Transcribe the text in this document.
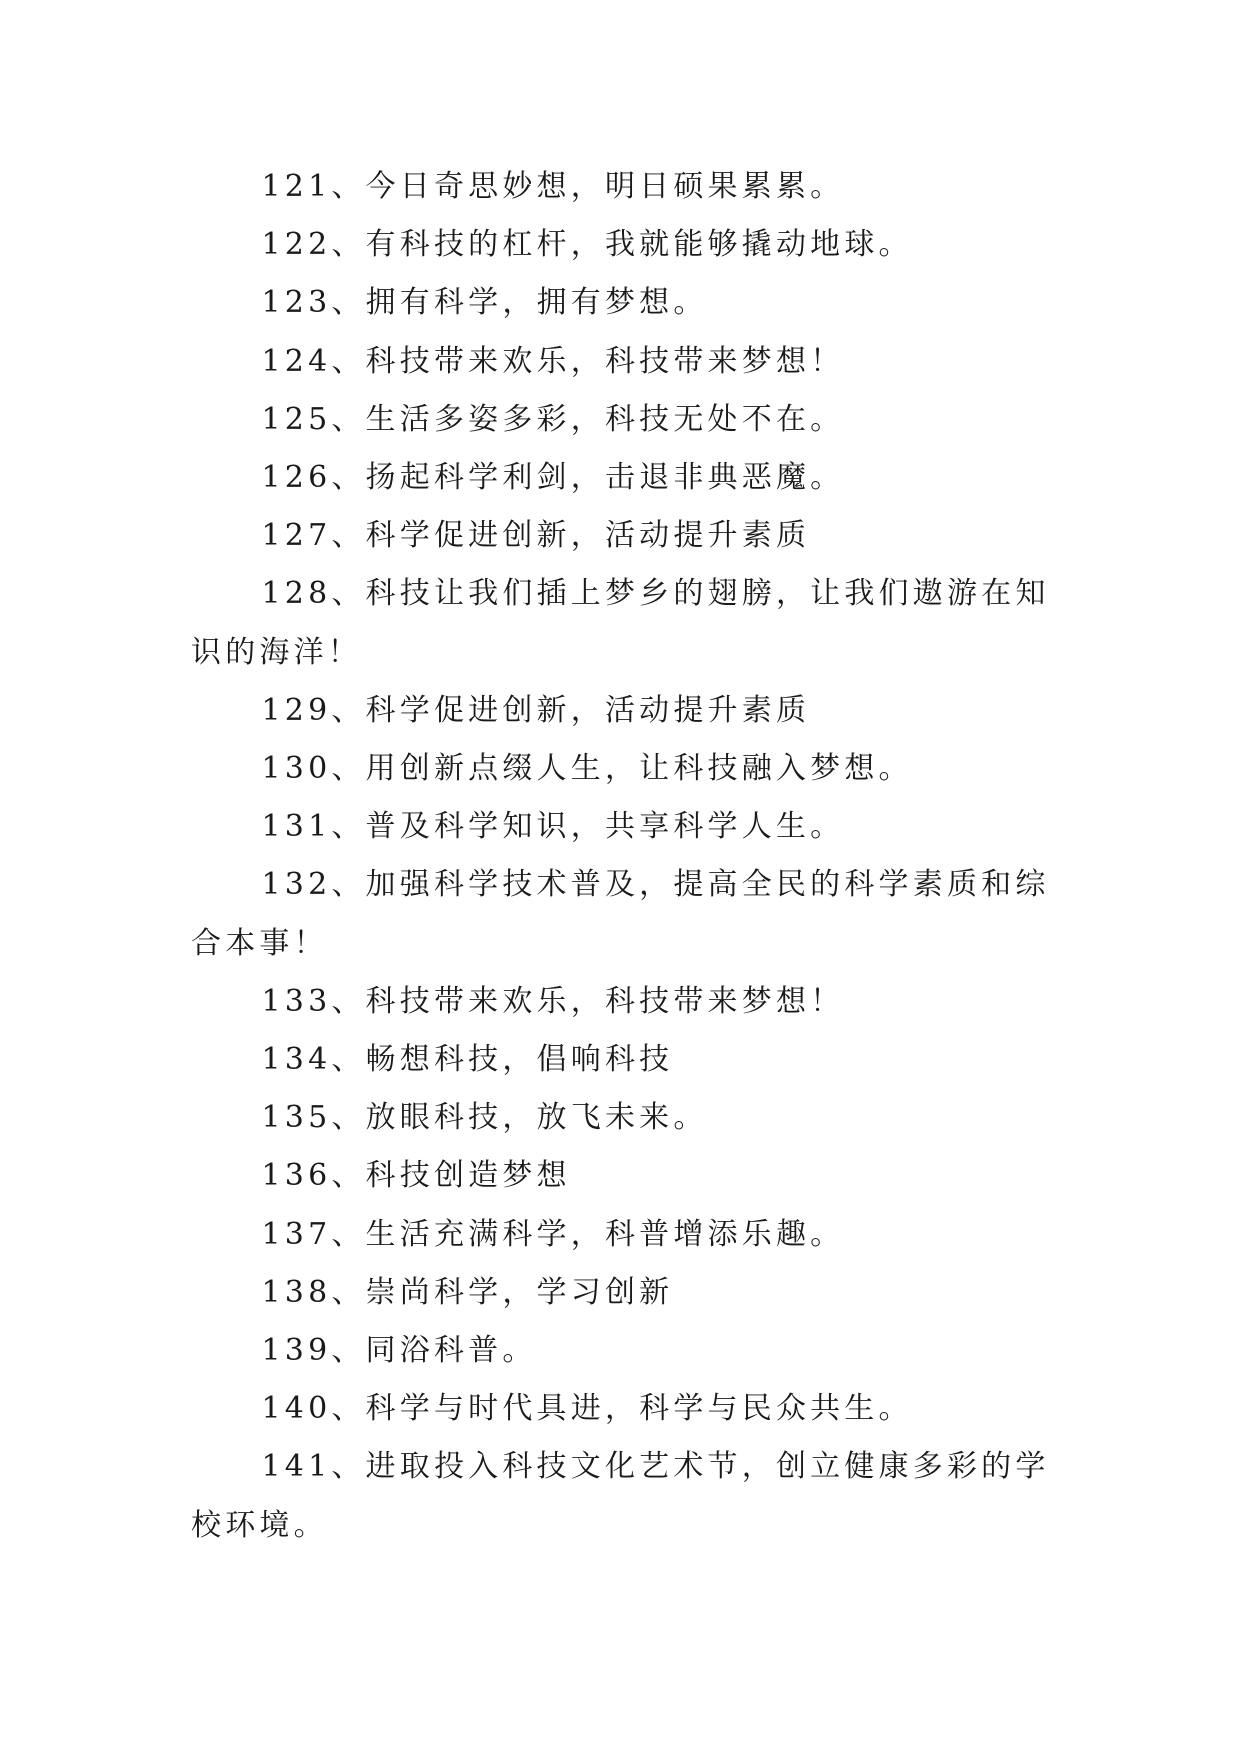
121、今日奇思妙想，明日硕果累累。

122、有科技的杠杆，我就能够撬动地球。

123、拥有科学，拥有梦想。

124、科技带来欢乐，科技带来梦想！

125、生活多姿多彩，科技无处不在。

126、扬起科学利剑，击退非典恶魔。

127、科学促进创新，活动提升素质

128、科技让我们插上梦乡的翅膀，让我们遨游在知识的海洋！

129、科学促进创新，活动提升素质

130、用创新点缀人生，让科技融入梦想。

131、普及科学知识，共享科学人生。

132、加强科学技术普及，提高全民的科学素质和综合本事！

133、科技带来欢乐，科技带来梦想！

134、畅想科技，倡响科技

135、放眼科技，放飞未来。

136、科技创造梦想

137、生活充满科学，科普增添乐趣。

138、崇尚科学，学习创新

139、同浴科普。

140、科学与时代具进，科学与民众共生。

141、进取投入科技文化艺术节，创立健康多彩的学校环境。
